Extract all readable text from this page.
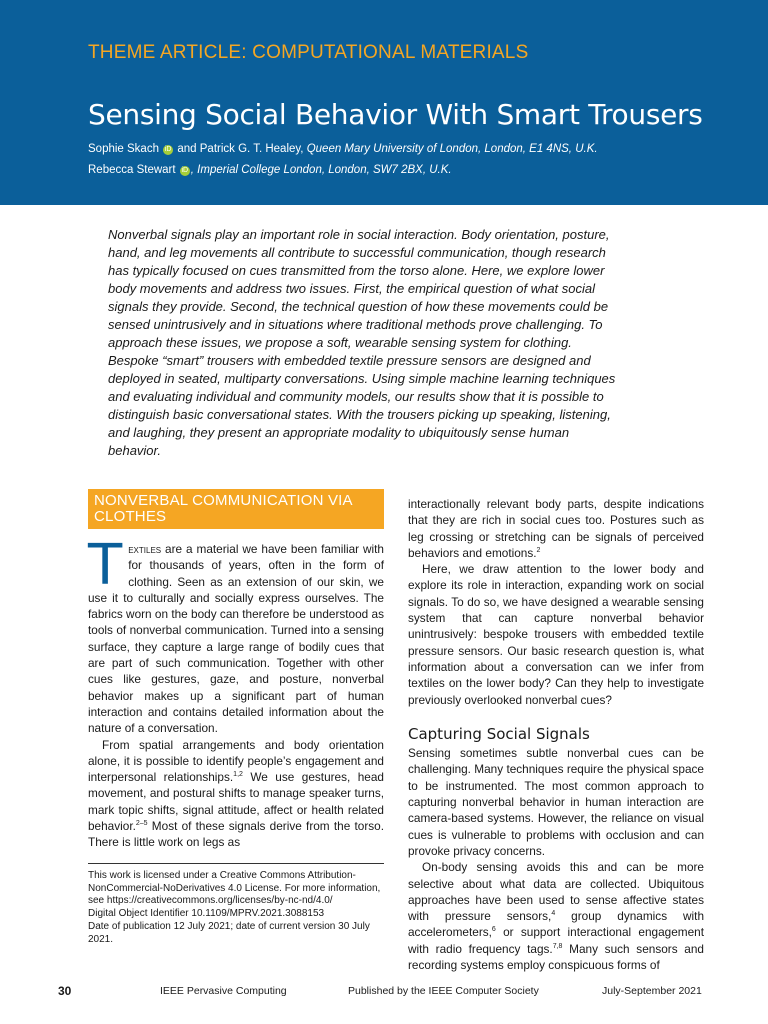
THEME ARTICLE: COMPUTATIONAL MATERIALS
Sensing Social Behavior With Smart Trousers
Sophie Skach iD and Patrick G. T. Healey, Queen Mary University of London, London, E1 4NS, U.K.
Rebecca Stewart iD , Imperial College London, London, SW7 2BX, U.K.

Nonverbal signals play an important role in social interaction. Body orientation, posture, hand, and leg movements all contribute to successful communication, though research has typically focused on cues transmitted from the torso alone. Here, we explore lower body movements and address two issues. First, the empirical question of what social signals they provide. Second, the technical question of how these movements could be sensed unintrusively and in situations where traditional methods prove challenging. To approach these issues, we propose a soft, wearable sensing system for clothing. Bespoke “smart” trousers with embedded textile pressure sensors are designed and deployed in seated, multiparty conversations. Using simple machine learning techniques and evaluating individual and community models, our results show that it is possible to distinguish basic conversational states. With the trousers picking up speaking, listening, and laughing, they present an appropriate modality to ubiquitously sense human behavior.

NONVERBAL COMMUNICATION VIA CLOTHES

Textiles are a material we have been familiar with for thousands of years, often in the form of clothing. Seen as an extension of our skin, we use it to culturally and socially express ourselves. The fabrics worn on the body can therefore be understood as tools of nonverbal communication. Turned into a sensing surface, they capture a large range of bodily cues that are part of such communication. Together with other cues like gestures, gaze, and posture, nonverbal behavior makes up a significant part of human interaction and contains detailed information about the nature of a conversation.

From spatial arrangements and body orientation alone, it is possible to identify people’s engagement and interpersonal relationships.$^{1,2}$ We use gestures, head movement, and postural shifts to manage speaker turns, mark topic shifts, signal attitude, affect or health related behavior.$^{2-5}$ Most of these signals derive from the torso. There is little work on legs as

This work is licensed under a Creative Commons Attribution-NonCommercial-NoDerivatives 4.0 License. For more information, see https://creativecommons.org/licenses/by-nc-nd/4.0/
Digital Object Identifier 10.1109/MPRV.2021.3088153
Date of publication 12 July 2021; date of current version 30 July 2021.

interactionally relevant body parts, despite indications that they are rich in social cues too. Postures such as leg crossing or stretching can be signals of perceived behaviors and emotions.$^2$

Here, we draw attention to the lower body and explore its role in interaction, expanding work on social signals. To do so, we have designed a wearable sensing system that can capture nonverbal behavior unintrusively: bespoke trousers with embedded textile pressure sensors. Our basic research question is, what information about a conversation can we infer from textiles on the lower body? Can they help to investigate previously overlooked nonverbal cues?

Capturing Social Signals

Sensing sometimes subtle nonverbal cues can be challenging. Many techniques require the physical space to be instrumented. The most common approach to capturing nonverbal behavior in human interaction are camera-based systems. However, the reliance on visual cues is vulnerable to problems with occlusion and can provoke privacy concerns.

On-body sensing avoids this and can be more selective about what data are collected. Ubiquitous approaches have been used to sense affective states with pressure sensors,$^4$ group dynamics with accelerometers,$^6$ or support interactional engagement with radio frequency tags.$^{7,8}$ Many such sensors and recording systems employ conspicuous forms of

30	IEEE Pervasive Computing	Published by the IEEE Computer Society	July-September 2021
